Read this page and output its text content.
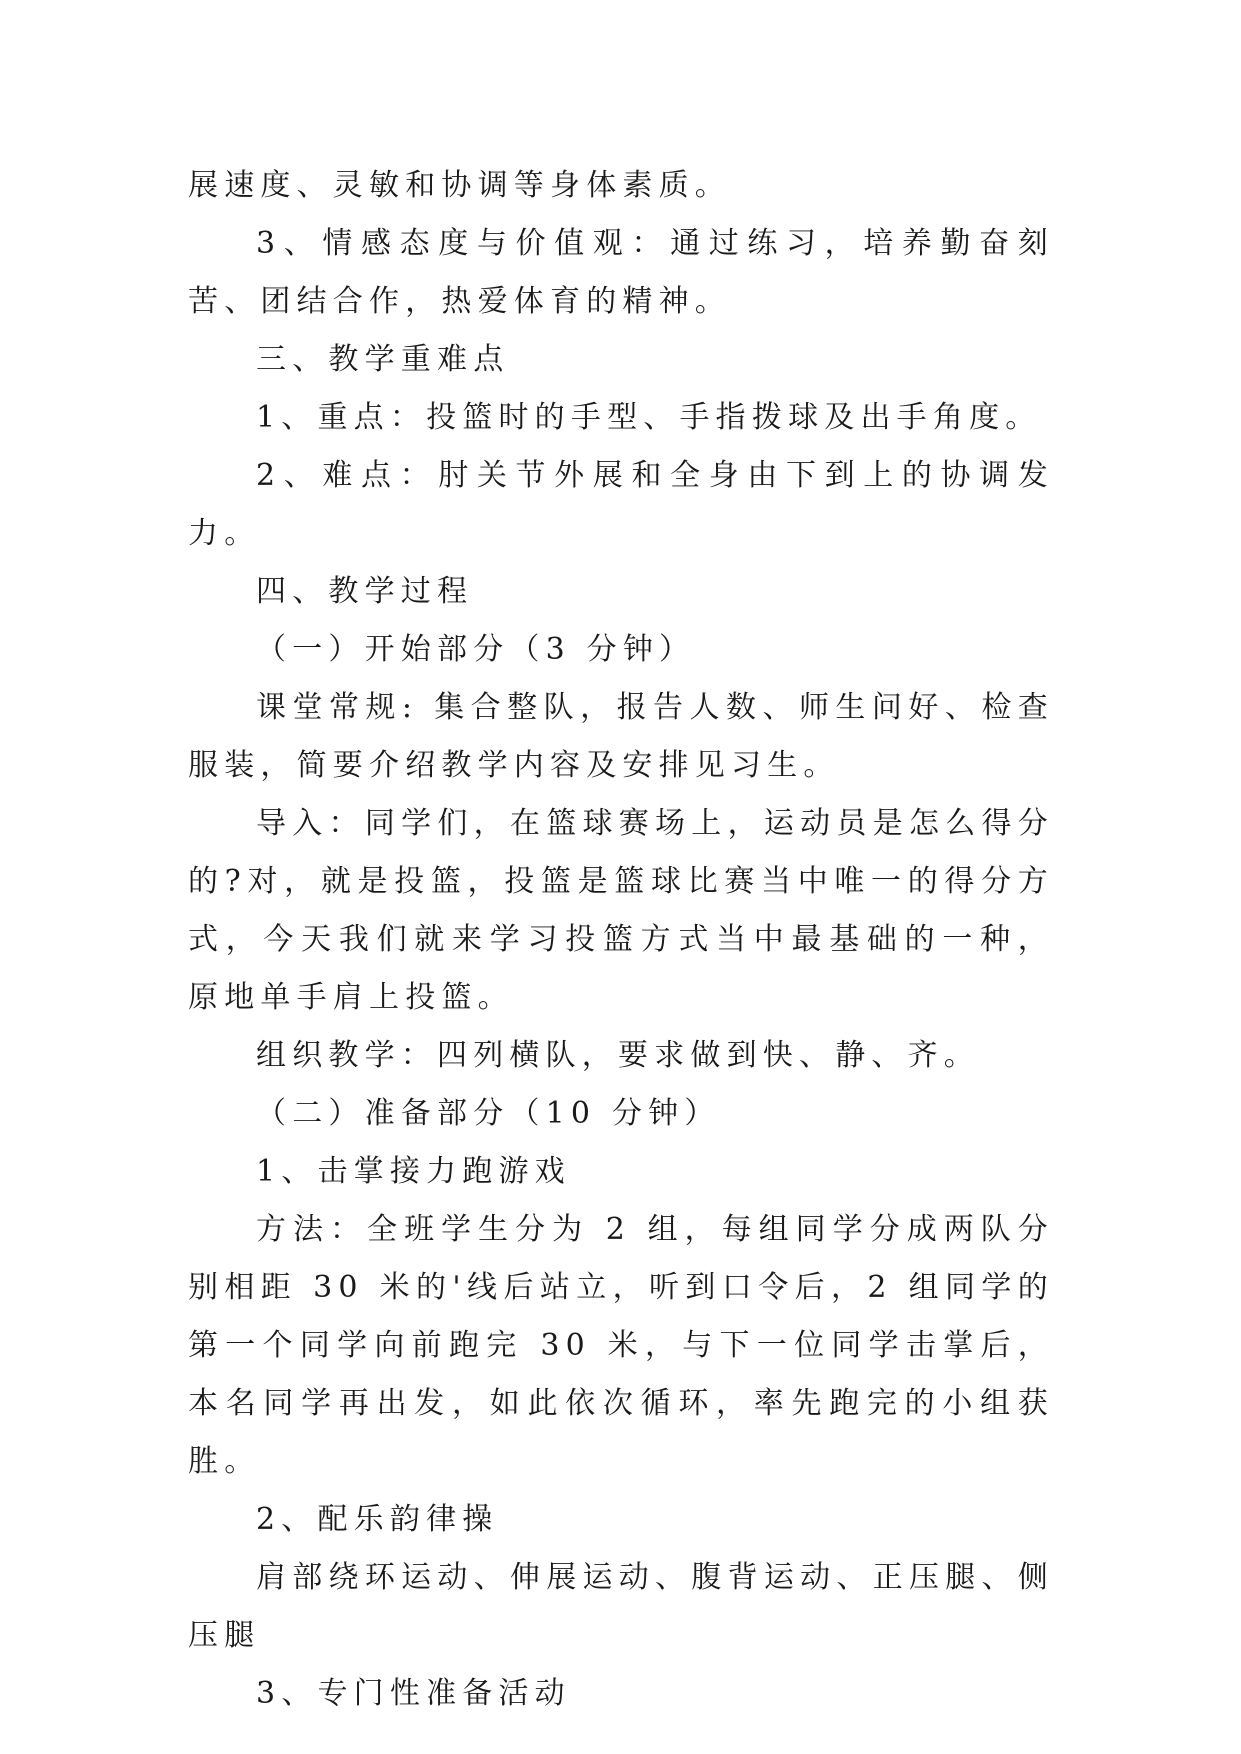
展速度、灵敏和协调等身体素质。

3、情感态度与价值观：通过练习，培养勤奋刻苦、团结合作，热爱体育的精神。

三、教学重难点

1、重点：投篮时的手型、手指拨球及出手角度。

2、难点：肘关节外展和全身由下到上的协调发力。

四、教学过程

（一）开始部分（3 分钟）

课堂常规: 集合整队，报告人数、师生问好、检查服装，简要介绍教学内容及安排见习生。

导入：同学们，在篮球赛场上，运动员是怎么得分的?对，就是投篮，投篮是篮球比赛当中唯一的得分方式，今天我们就来学习投篮方式当中最基础的一种，原地单手肩上投篮。

组织教学：四列横队，要求做到快、静、齐。

（二）准备部分（10 分钟）

1、击掌接力跑游戏

方法：全班学生分为 2 组，每组同学分成两队分别相距 30 米的'线后站立，听到口令后，2 组同学的第一个同学向前跑完 30 米，与下一位同学击掌后，本名同学再出发，如此依次循环，率先跑完的小组获胜。

2、配乐韵律操

肩部绕环运动、伸展运动、腹背运动、正压腿、侧压腿

3、专门性准备活动
